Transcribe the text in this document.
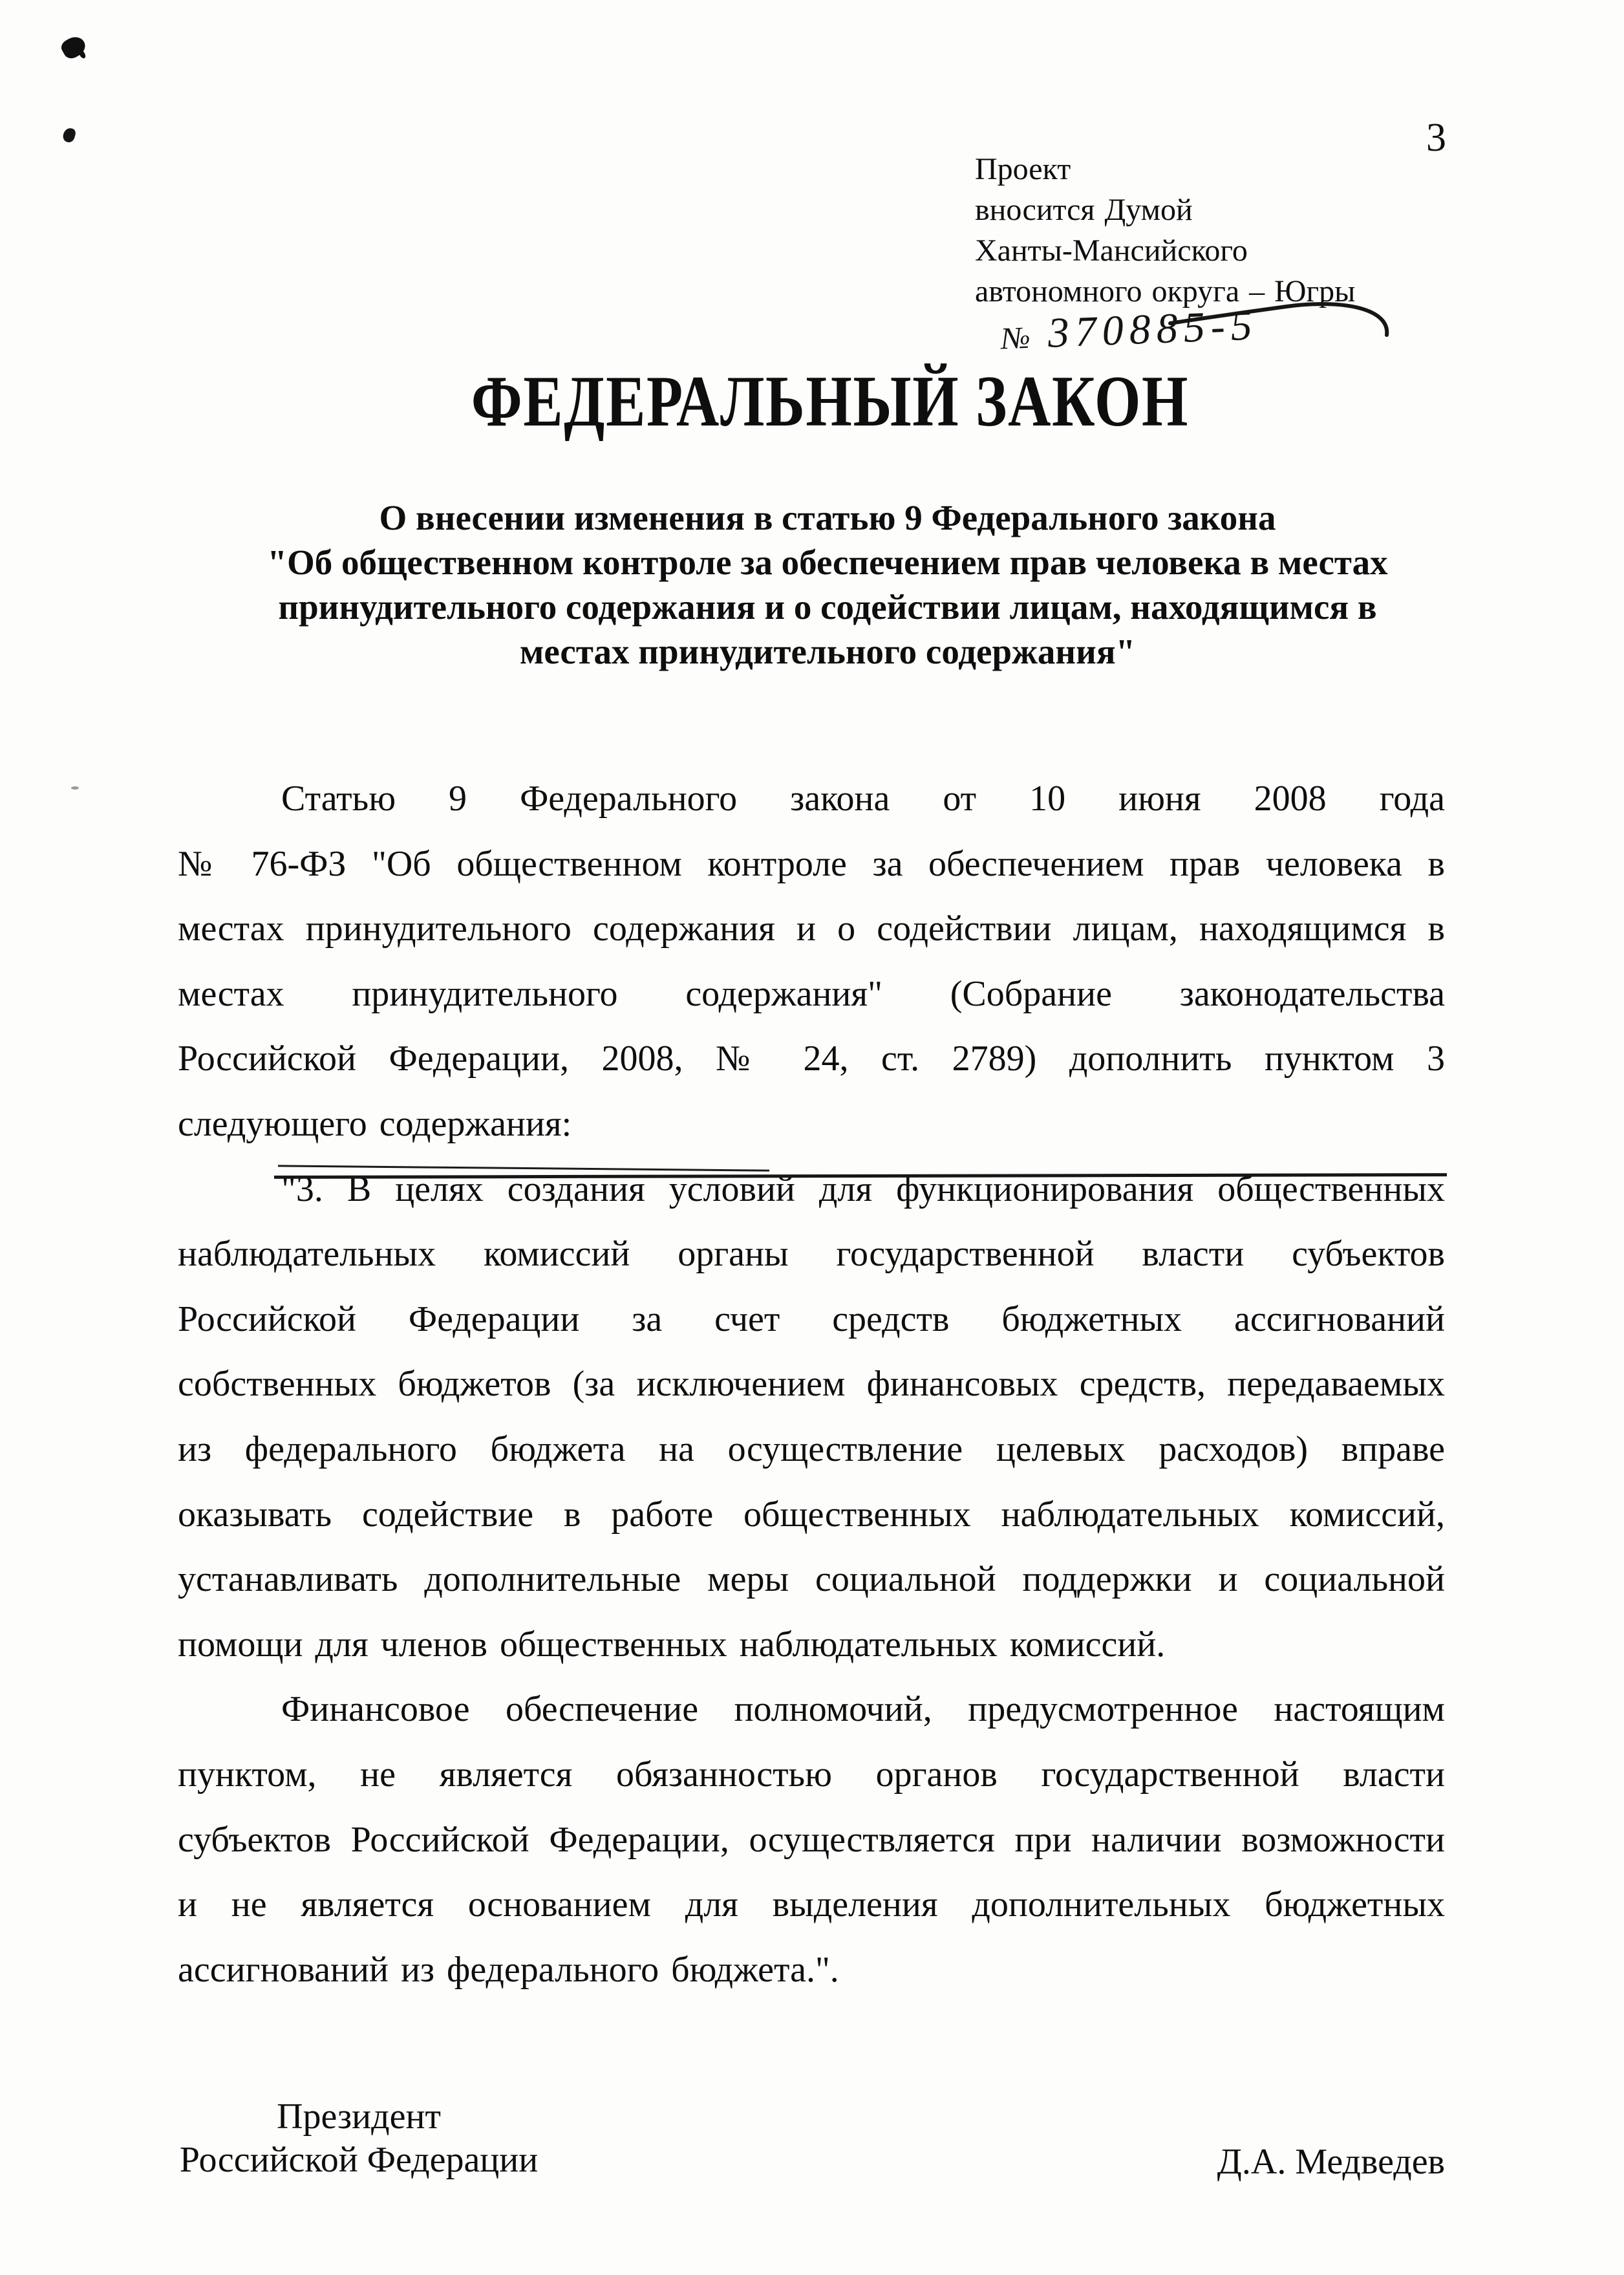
3
Проект
вносится Думой
Ханты-Мансийского
автономного округа – Югры
№ 370885-5
ФЕДЕРАЛЬНЫЙ ЗАКОН
О внесении изменения в статью 9 Федерального закона
"Об общественном контроле за обеспечением прав человека в местах
принудительного содержания и о содействии лицам, находящимся в
местах принудительного содержания"
Статью 9 Федерального закона от 10 июня 2008 года
№ 76-ФЗ "Об общественном контроле за обеспечением прав человека в
местах принудительного содержания и о содействии лицам, находящимся в
местах принудительного содержания" (Собрание законодательства
Российской Федерации, 2008, № 24, ст. 2789) дополнить пунктом 3
следующего содержания:
"3. В целях создания условий для функционирования общественных
наблюдательных комиссий органы государственной власти субъектов
Российской Федерации за счет средств бюджетных ассигнований
собственных бюджетов (за исключением финансовых средств, передаваемых
из федерального бюджета на осуществление целевых расходов) вправе
оказывать содействие в работе общественных наблюдательных комиссий,
устанавливать дополнительные меры социальной поддержки и социальной
помощи для членов общественных наблюдательных комиссий.
Финансовое обеспечение полномочий, предусмотренное настоящим
пунктом, не является обязанностью органов государственной власти
субъектов Российской Федерации, осуществляется при наличии возможности
и не является основанием для выделения дополнительных бюджетных
ассигнований из федерального бюджета.".
Президент
Российской Федерации	Д.А. Медведев
